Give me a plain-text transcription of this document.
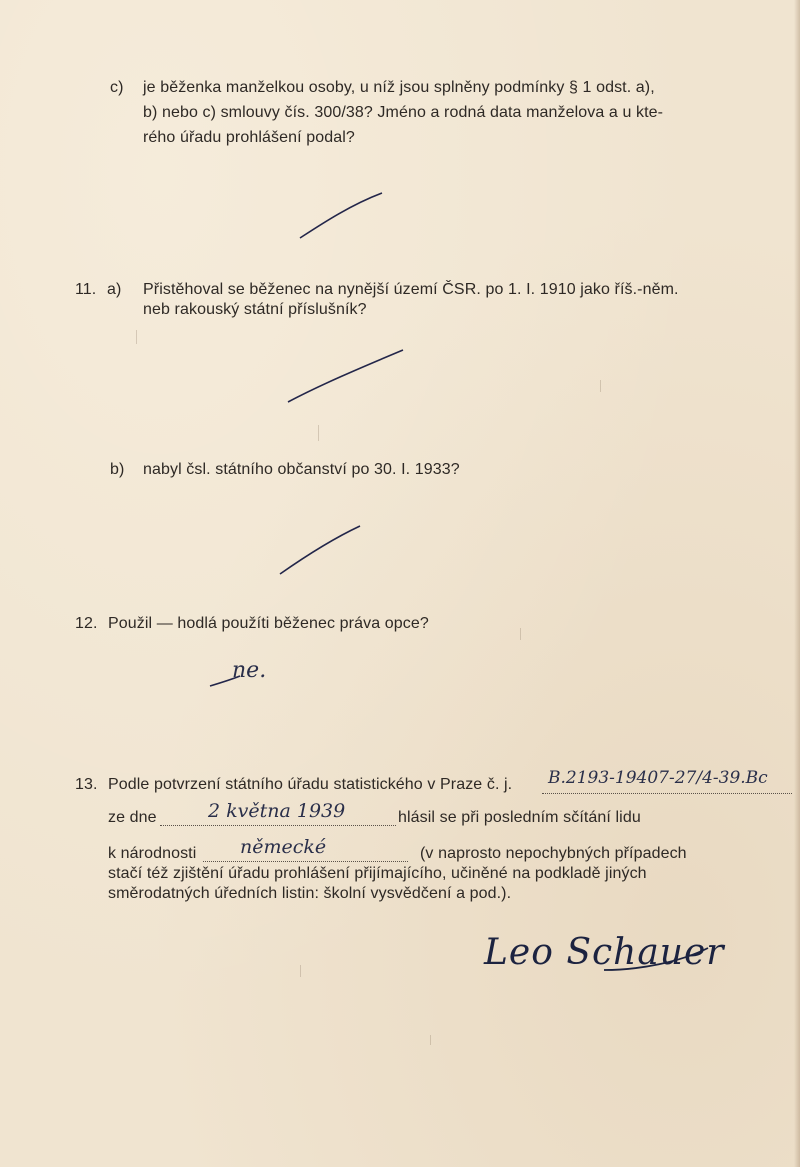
c) je běženka manželkou osoby, u níž jsou splněny podmínky § 1 odst. a),
b) nebo c) smlouvy čís. 300/38? Jméno a rodná data manželova a u kte-
rého úřadu prohlášení podal?
11. a) Přistěhoval se běženec na nynější území ČSR. po 1. I. 1910 jako říš.-něm.
neb rakouský státní příslušník?
b) nabyl čsl. státního občanství po 30. I. 1933?
12. Použil — hodlá použíti běženec práva opce?
ne.
13. Podle potvrzení státního úřadu statistického v Praze č. j. B.2193-19407-27/4-39.Bc
ze dne	2 května 1939	hlásil se při posledním sčítání lidu
k národnosti německé	(v naprosto nepochybných případech
stačí též zjištění úřadu prohlášení přijímajícího, učiněné na podkladě jiných
směrodatných úředních listin: školní vysvědčení a pod.).
Leo Schauer
